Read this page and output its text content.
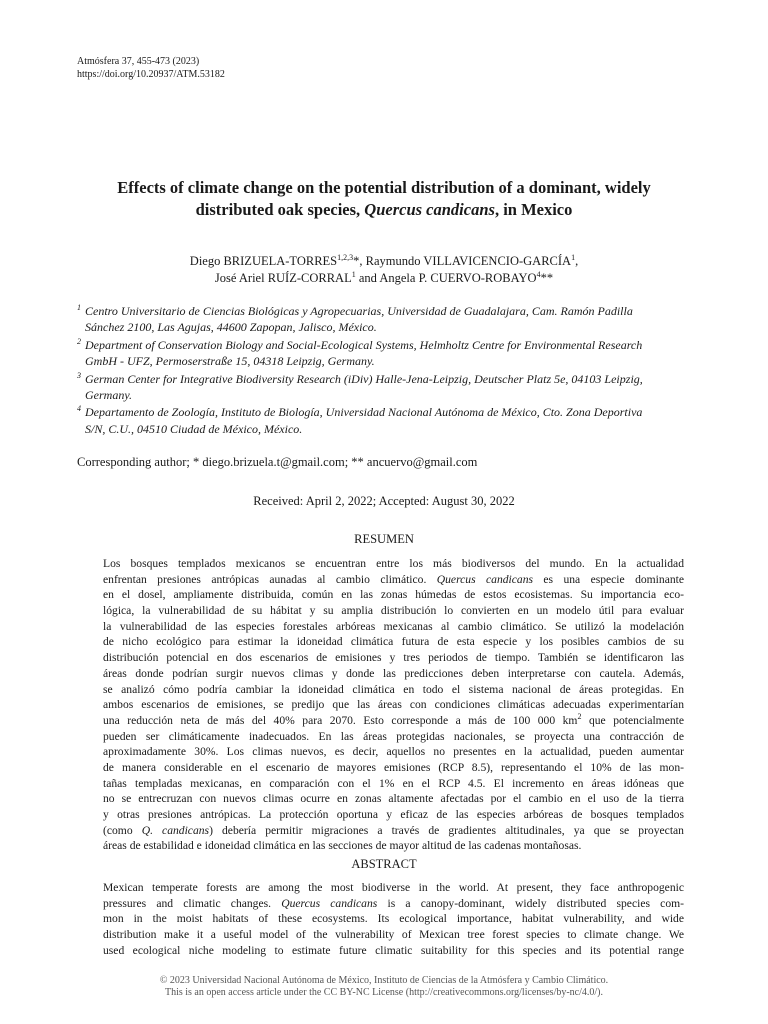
Atmósfera 37, 455-473 (2023)
https://doi.org/10.20937/ATM.53182
Effects of climate change on the potential distribution of a dominant, widely
distributed oak species, Quercus candicans, in Mexico
Diego BRIZUELA-TORRES$^{1,2,3}$*, Raymundo VILLAVICENCIO-GARCÍA$^1$,
José Ariel RUÍZ-CORRAL$^1$ and Angela P. CUERVO-ROBAYO$^4$**
1 Centro Universitario de Ciencias Biológicas y Agropecuarias, Universidad de Guadalajara, Cam. Ramón Padilla
Sánchez 2100, Las Agujas, 44600 Zapopan, Jalisco, México.
2 Department of Conservation Biology and Social-Ecological Systems, Helmholtz Centre for Environmental Research
GmbH - UFZ, Permoserstraße 15, 04318 Leipzig, Germany.
3 German Center for Integrative Biodiversity Research (iDiv) Halle-Jena-Leipzig, Deutscher Platz 5e, 04103 Leipzig,
Germany.
4 Departamento de Zoología, Instituto de Biología, Universidad Nacional Autónoma de México, Cto. Zona Deportiva
S/N, C.U., 04510 Ciudad de México, México.
Corresponding author; * diego.brizuela.t@gmail.com; ** ancuervo@gmail.com
Received: April 2, 2022; Accepted: August 30, 2022
RESUMEN
Los bosques templados mexicanos se encuentran entre los más biodiversos del mundo. En la actualidad
enfrentan presiones antrópicas aunadas al cambio climático. Quercus candicans es una especie dominante
en el dosel, ampliamente distribuida, común en las zonas húmedas de estos ecosistemas. Su importancia eco-
lógica, la vulnerabilidad de su hábitat y su amplia distribución lo convierten en un modelo útil para evaluar
la vulnerabilidad de las especies forestales arbóreas mexicanas al cambio climático. Se utilizó la modelación
de nicho ecológico para estimar la idoneidad climática futura de esta especie y los posibles cambios de su
distribución potencial en dos escenarios de emisiones y tres periodos de tiempo. También se identificaron las
áreas donde podrían surgir nuevos climas y donde las predicciones deben interpretarse con cautela. Además,
se analizó cómo podría cambiar la idoneidad climática en todo el sistema nacional de áreas protegidas. En
ambos escenarios de emisiones, se predijo que las áreas con condiciones climáticas adecuadas experimentarían
una reducción neta de más del 40% para 2070. Esto corresponde a más de 100 000 $km^2$ que potencialmente
pueden ser climáticamente inadecuados. En las áreas protegidas nacionales, se proyecta una contracción de
aproximadamente 30%. Los climas nuevos, es decir, aquellos no presentes en la actualidad, pueden aumentar
de manera considerable en el escenario de mayores emisiones (RCP 8.5), representando el 10% de las mon-
tañas templadas mexicanas, en comparación con el 1% en el RCP 4.5. El incremento en áreas idóneas que
no se entrecruzan con nuevos climas ocurre en zonas altamente afectadas por el cambio en el uso de la tierra
y otras presiones antrópicas. La protección oportuna y eficaz de las especies arbóreas de bosques templados
(como Q. candicans) debería permitir migraciones a través de gradientes altitudinales, ya que se proyectan
áreas de estabilidad e idoneidad climática en las secciones de mayor altitud de las cadenas montañosas.
ABSTRACT
Mexican temperate forests are among the most biodiverse in the world. At present, they face anthropogenic
pressures and climatic changes. Quercus candicans is a canopy-dominant, widely distributed species com-
mon in the moist habitats of these ecosystems. Its ecological importance, habitat vulnerability, and wide
distribution make it a useful model of the vulnerability of Mexican tree forest species to climate change. We
used ecological niche modeling to estimate future climatic suitability for this species and its potential range
© 2023 Universidad Nacional Autónoma de México, Instituto de Ciencias de la Atmósfera y Cambio Climático.
This is an open access article under the CC BY-NC License (http://creativecommons.org/licenses/by-nc/4.0/).
